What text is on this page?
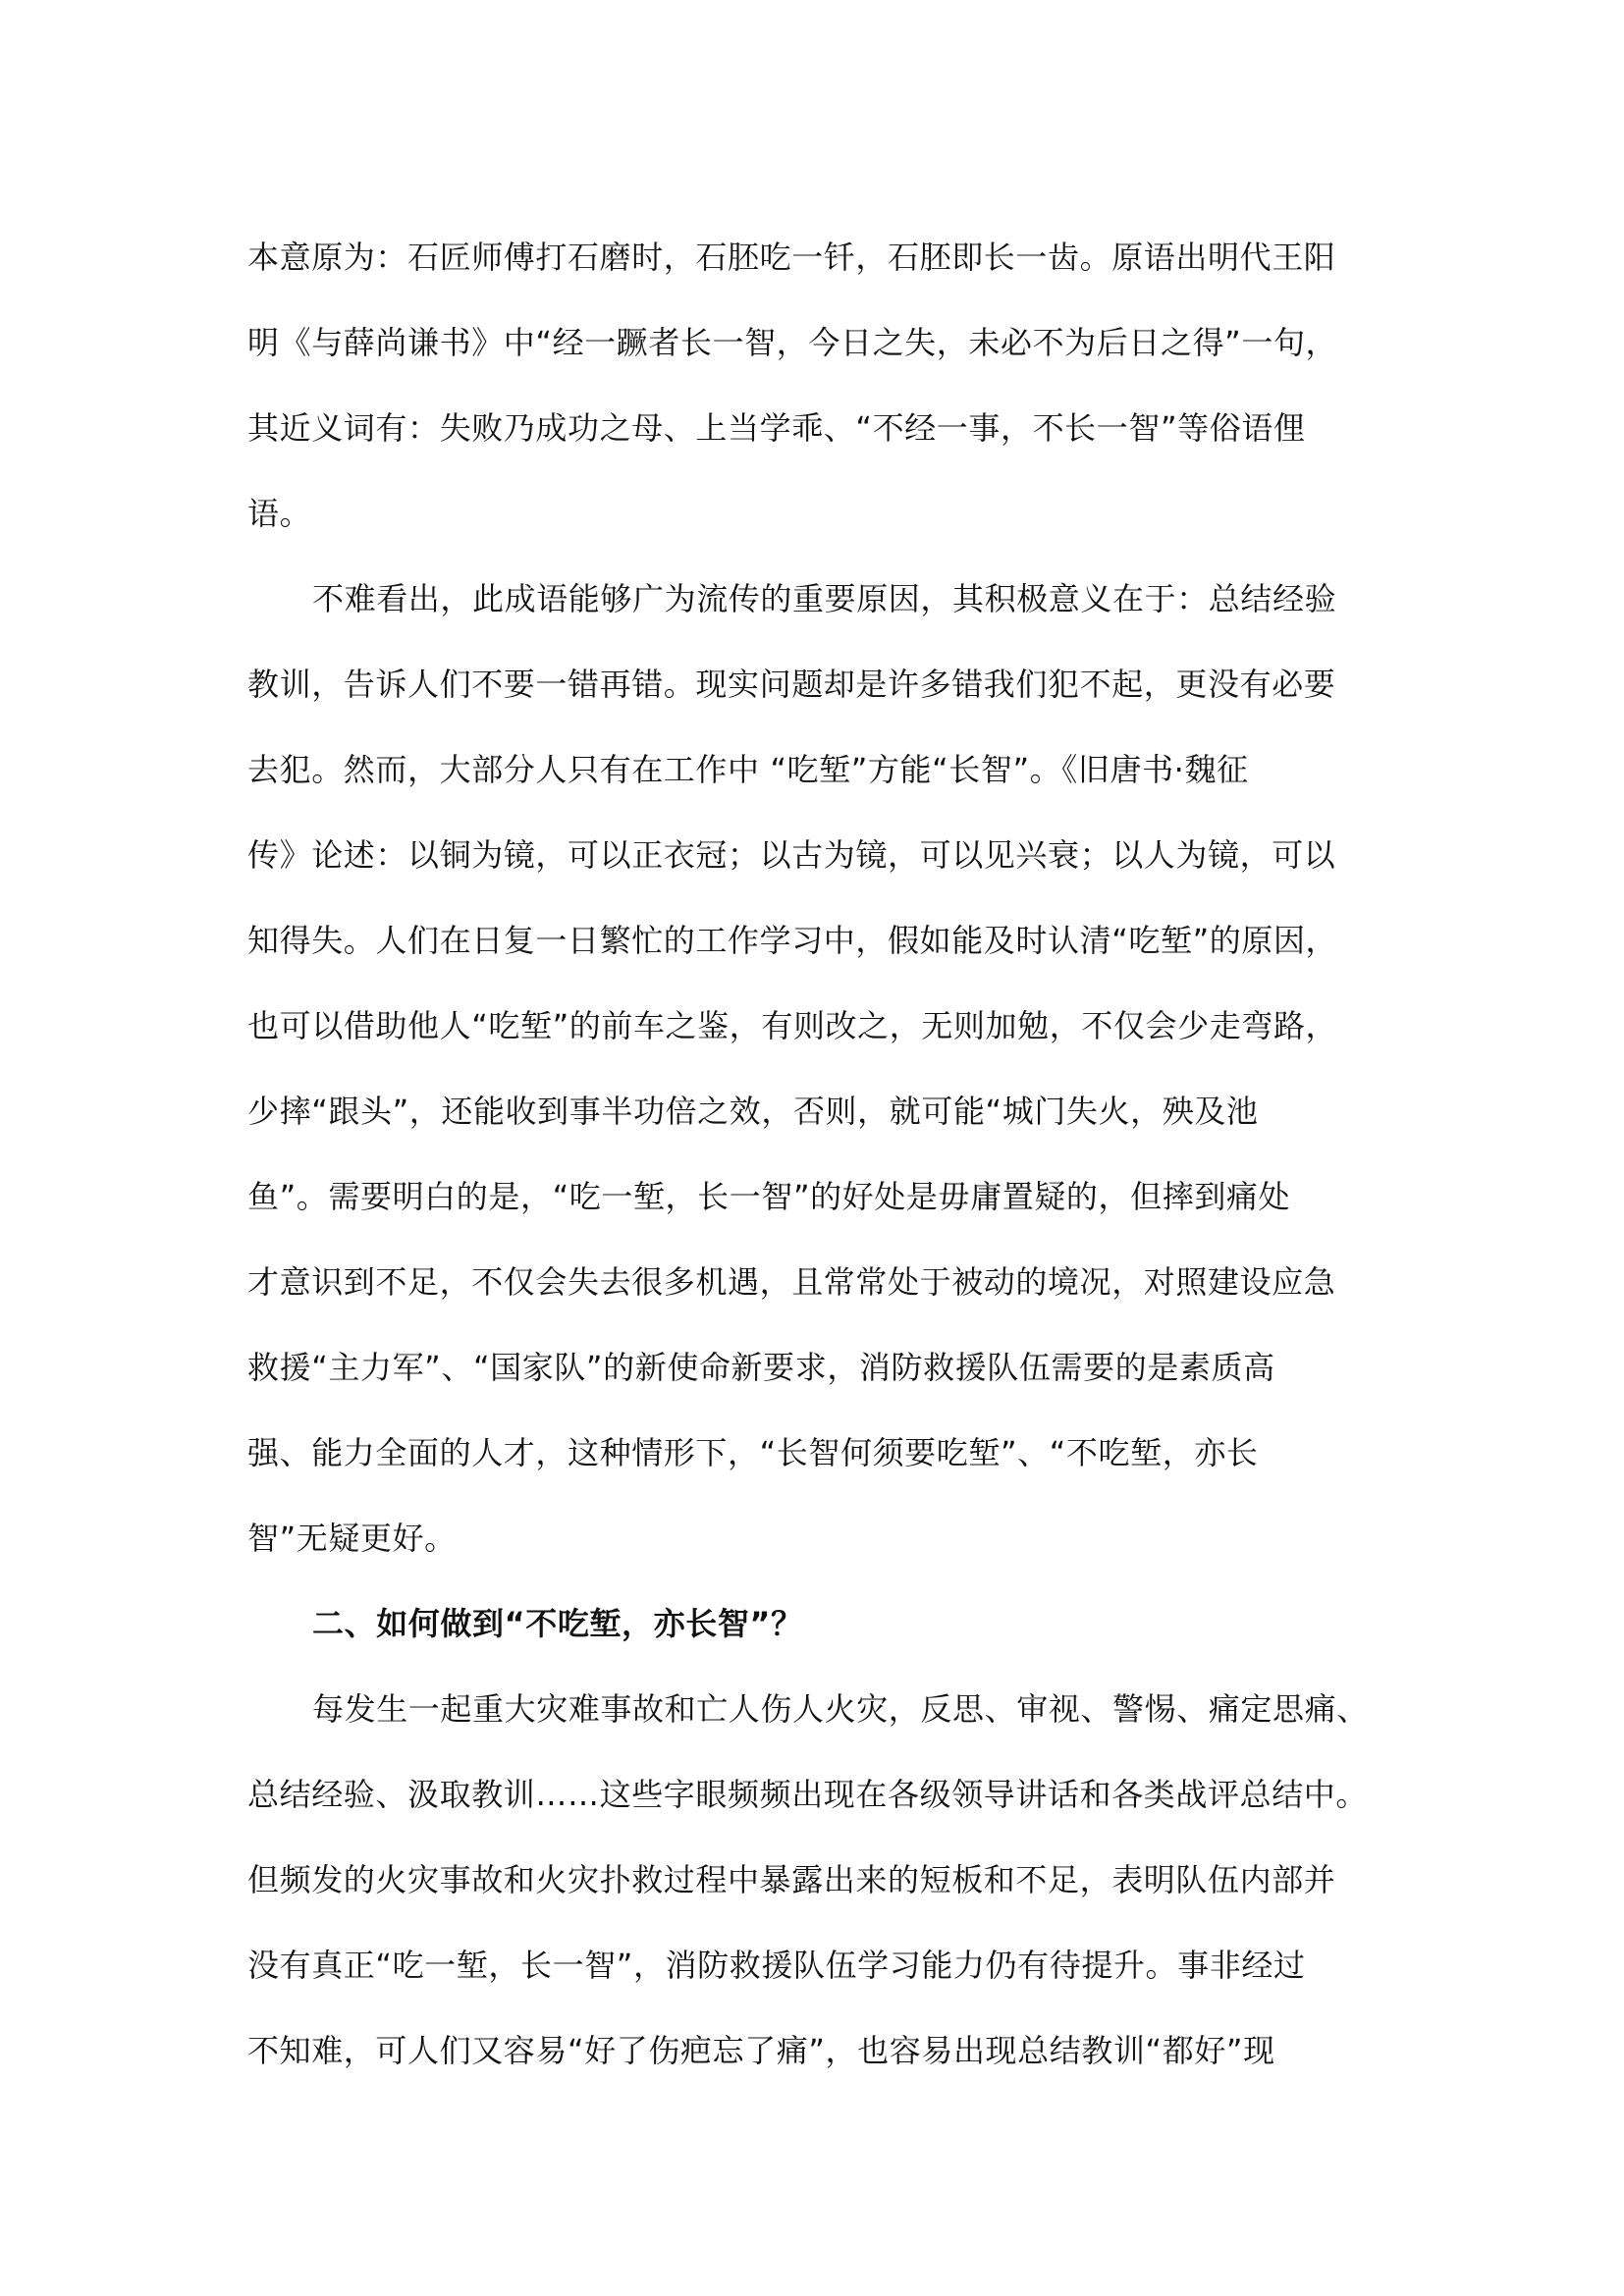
本意原为：石匠师傅打石磨时，石胚吃一钎，石胚即长一齿。原语出明代王阳
明《与薛尚谦书》中“经一蹶者长一智，今日之失，未必不为后日之得”一句，
其近义词有：失败乃成功之母、上当学乖、“不经一事，不长一智”等俗语俚
语。
不难看出，此成语能够广为流传的重要原因，其积极意义在于：总结经验
教训，告诉人们不要一错再错。现实问题却是许多错我们犯不起，更没有必要
去犯。然而，大部分人只有在工作中 “吃堑”方能“长智”。《旧唐书·魏征
传》论述：以铜为镜，可以正衣冠；以古为镜，可以见兴衰；以人为镜，可以
知得失。人们在日复一日繁忙的工作学习中，假如能及时认清“吃堑”的原因，
也可以借助他人“吃堑”的前车之鉴，有则改之，无则加勉，不仅会少走弯路，
少摔“跟头”，还能收到事半功倍之效，否则，就可能“城门失火，殃及池
鱼”。需要明白的是，“吃一堑，长一智”的好处是毋庸置疑的，但摔到痛处
才意识到不足，不仅会失去很多机遇，且常常处于被动的境况，对照建设应急
救援“主力军”、“国家队”的新使命新要求，消防救援队伍需要的是素质高
强、能力全面的人才，这种情形下，“长智何须要吃堑”、“不吃堑，亦长
智”无疑更好。
二、如何做到“不吃堑，亦长智”？
每发生一起重大灾难事故和亡人伤人火灾，反思、审视、警惕、痛定思痛、
总结经验、汲取教训……这些字眼频频出现在各级领导讲话和各类战评总结中。
但频发的火灾事故和火灾扑救过程中暴露出来的短板和不足，表明队伍内部并
没有真正“吃一堑，长一智”，消防救援队伍学习能力仍有待提升。事非经过
不知难，可人们又容易“好了伤疤忘了痛”，也容易出现总结教训“都好”现
